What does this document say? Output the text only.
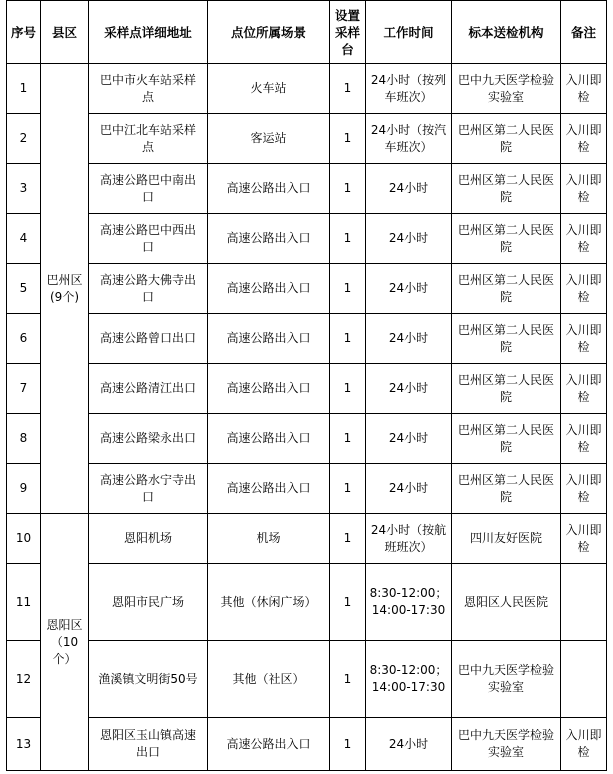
序号	县区	采样点详细地址	点位所属场景	设置采样台	工作时间	标本送检机构	备注
1	巴州区(9个)	巴中市火车站采样点	火车站	1	24小时（按列车班次）	巴中九天医学检验实验室	入川即检
2		巴中江北车站采样点	客运站	1	24小时（按汽车班次）	巴州区第二人民医院	入川即检
3		高速公路巴中南出口	高速公路出入口	1	24小时	巴州区第二人民医院	入川即检
4		高速公路巴中西出口	高速公路出入口	1	24小时	巴州区第二人民医院	入川即检
5		高速公路大佛寺出口	高速公路出入口	1	24小时	巴州区第二人民医院	入川即检
6		高速公路曾口出口	高速公路出入口	1	24小时	巴州区第二人民医院	入川即检
7		高速公路清江出口	高速公路出入口	1	24小时	巴州区第二人民医院	入川即检
8		高速公路梁永出口	高速公路出入口	1	24小时	巴州区第二人民医院	入川即检
9		高速公路水宁寺出口	高速公路出入口	1	24小时	巴州区第二人民医院	入川即检
10	恩阳区（10个）	恩阳机场	机场	1	24小时（按航班班次）	四川友好医院	入川即检
11		恩阳市民广场	其他（休闲广场）	1	8:30-12:00；14:00-17:30	恩阳区人民医院	
12		渔溪镇文明街50号	其他（社区）	1	8:30-12:00；14:00-17:30	巴中九天医学检验实验室	
13		恩阳区玉山镇高速出口	高速公路出入口	1	24小时	巴中九天医学检验实验室	入川即检
